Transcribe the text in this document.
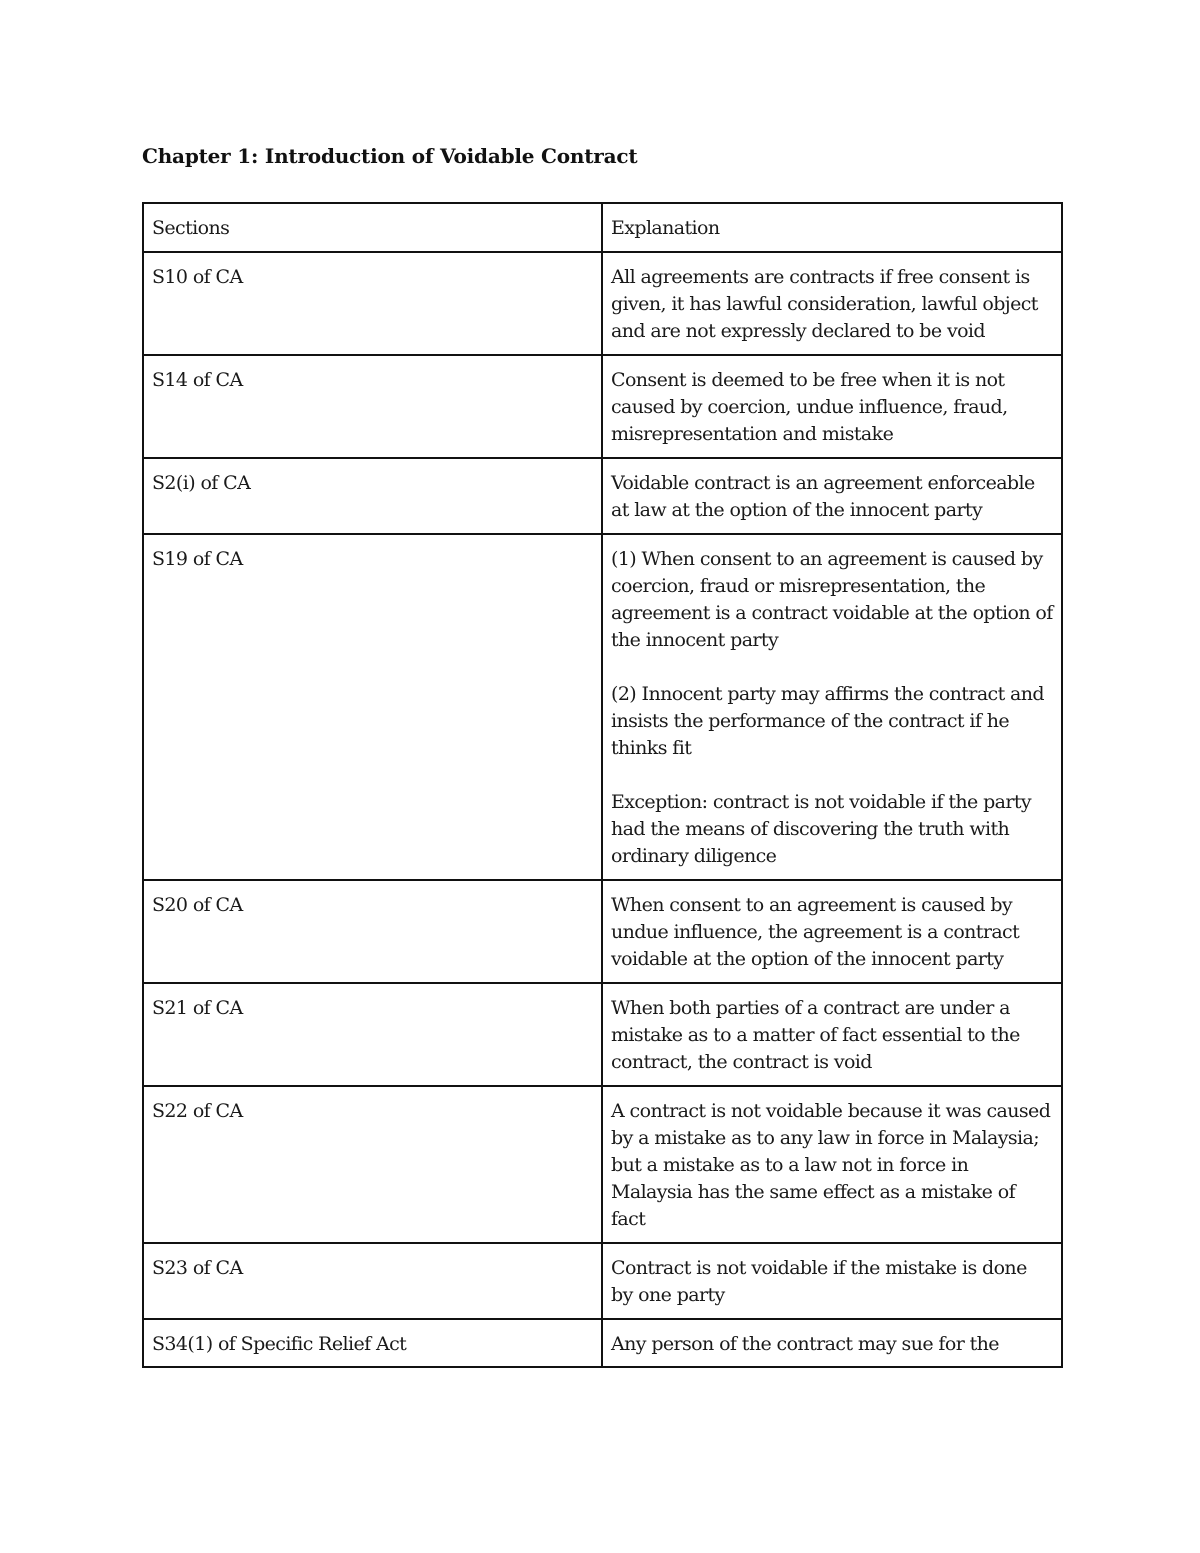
Chapter 1: Introduction of Voidable Contract
Sections	Explanation
S10 of CA	All agreements are contracts if free consent is given, it has lawful consideration, lawful object and are not expressly declared to be void

S14 of CA	Consent is deemed to be free when it is not caused by coercion, undue influence, fraud, misrepresentation and mistake

S2(i) of CA	Voidable contract is an agreement enforceable at law at the option of the innocent party

S19 of CA	(1) When consent to an agreement is caused by coercion, fraud or misrepresentation, the agreement is a contract voidable at the option of the innocent party

(2) Innocent party may affirms the contract and insists the performance of the contract if he thinks fit

Exception: contract is not voidable if the party had the means of discovering the truth with ordinary diligence

S20 of CA	When consent to an agreement is caused by undue influence, the agreement is a contract voidable at the option of the innocent party

S21 of CA	When both parties of a contract are under a mistake as to a matter of fact essential to the contract, the contract is void

S22 of CA	A contract is not voidable because it was caused by a mistake as to any law in force in Malaysia; but a mistake as to a law not in force in Malaysia has the same effect as a mistake of fact

S23 of CA	Contract is not voidable if the mistake is done by one party

S34(1) of Specific Relief Act	Any person of the contract may sue for the
